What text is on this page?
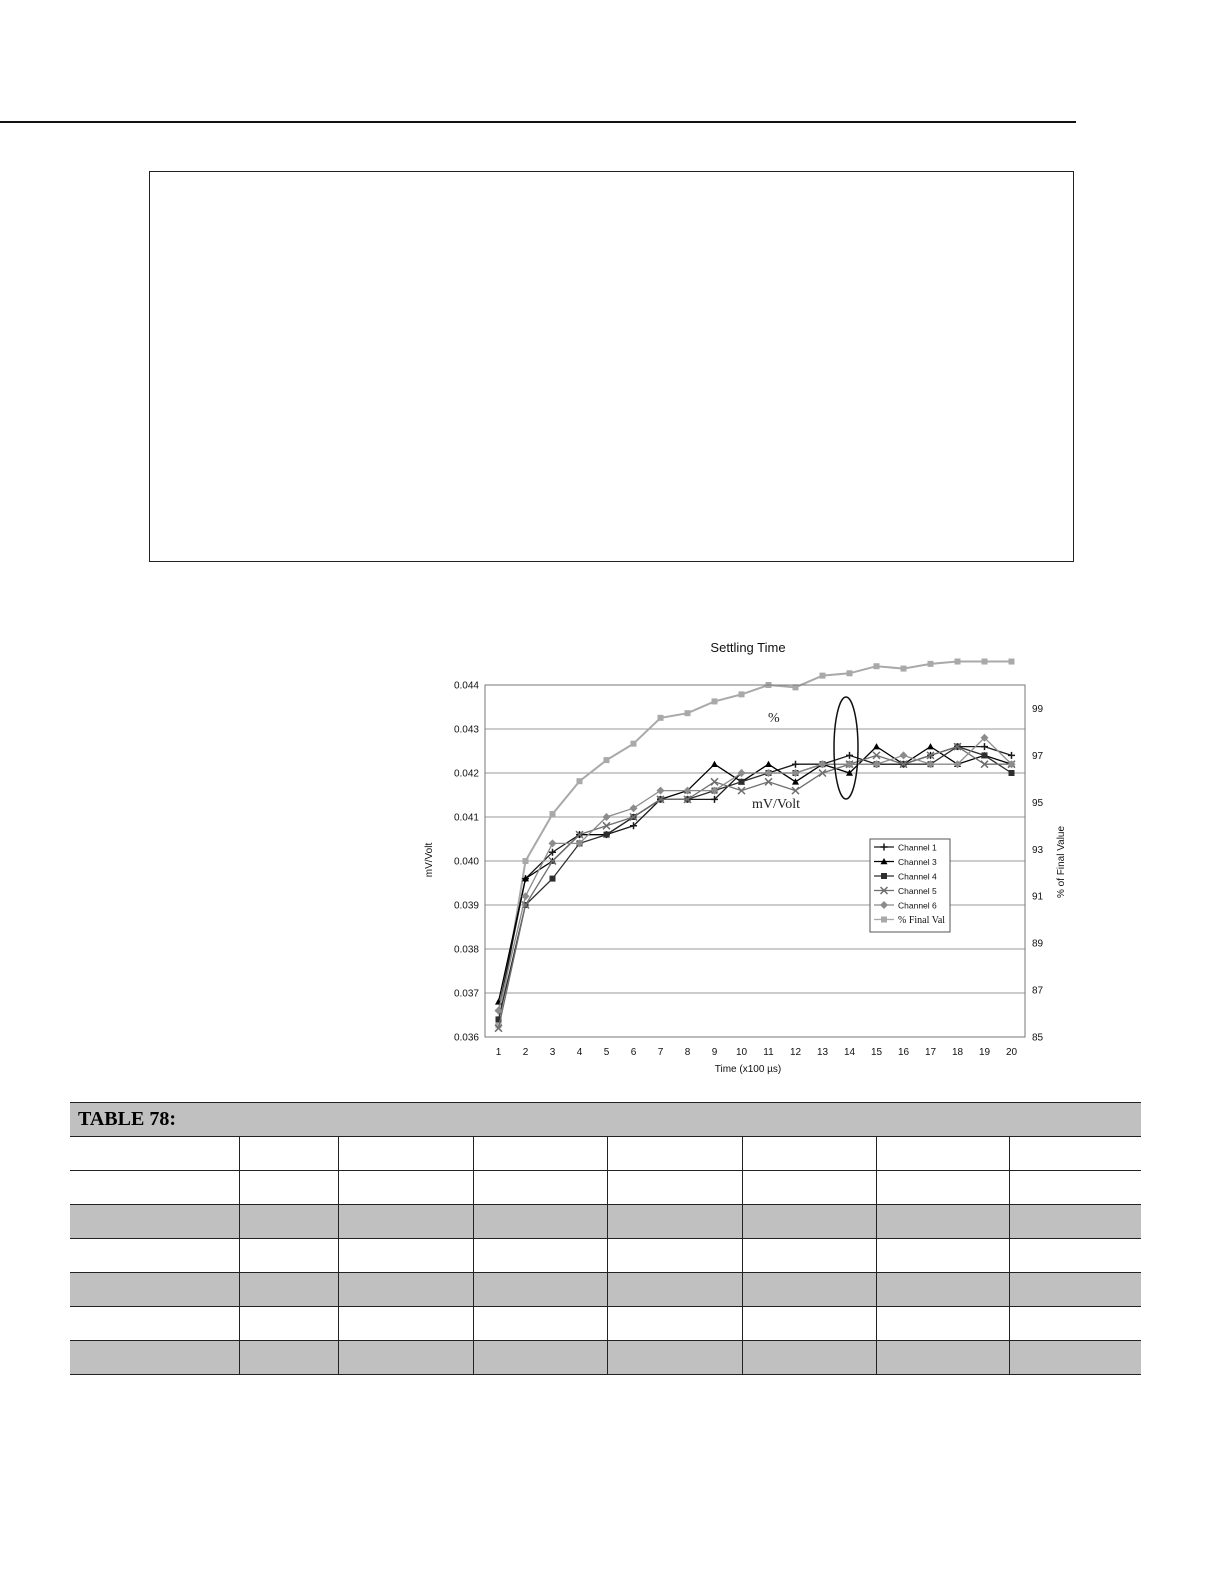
Settling Time
0.036
0.037
0.038
0.039
0.040
0.041
0.042
0.043
0.044
85
87
89
91
93
95
97
99
1 2 3 4 5 6 7 8 9 10 11 12 13 14 15 16 17 18 19 20
mV/Volt	% of Final Value
Time (x100 µs)
%
mV/Volt
Channel 1
Channel 3
Channel 4
Channel 5
Channel 6
% Final Val
TABLE 78:							
